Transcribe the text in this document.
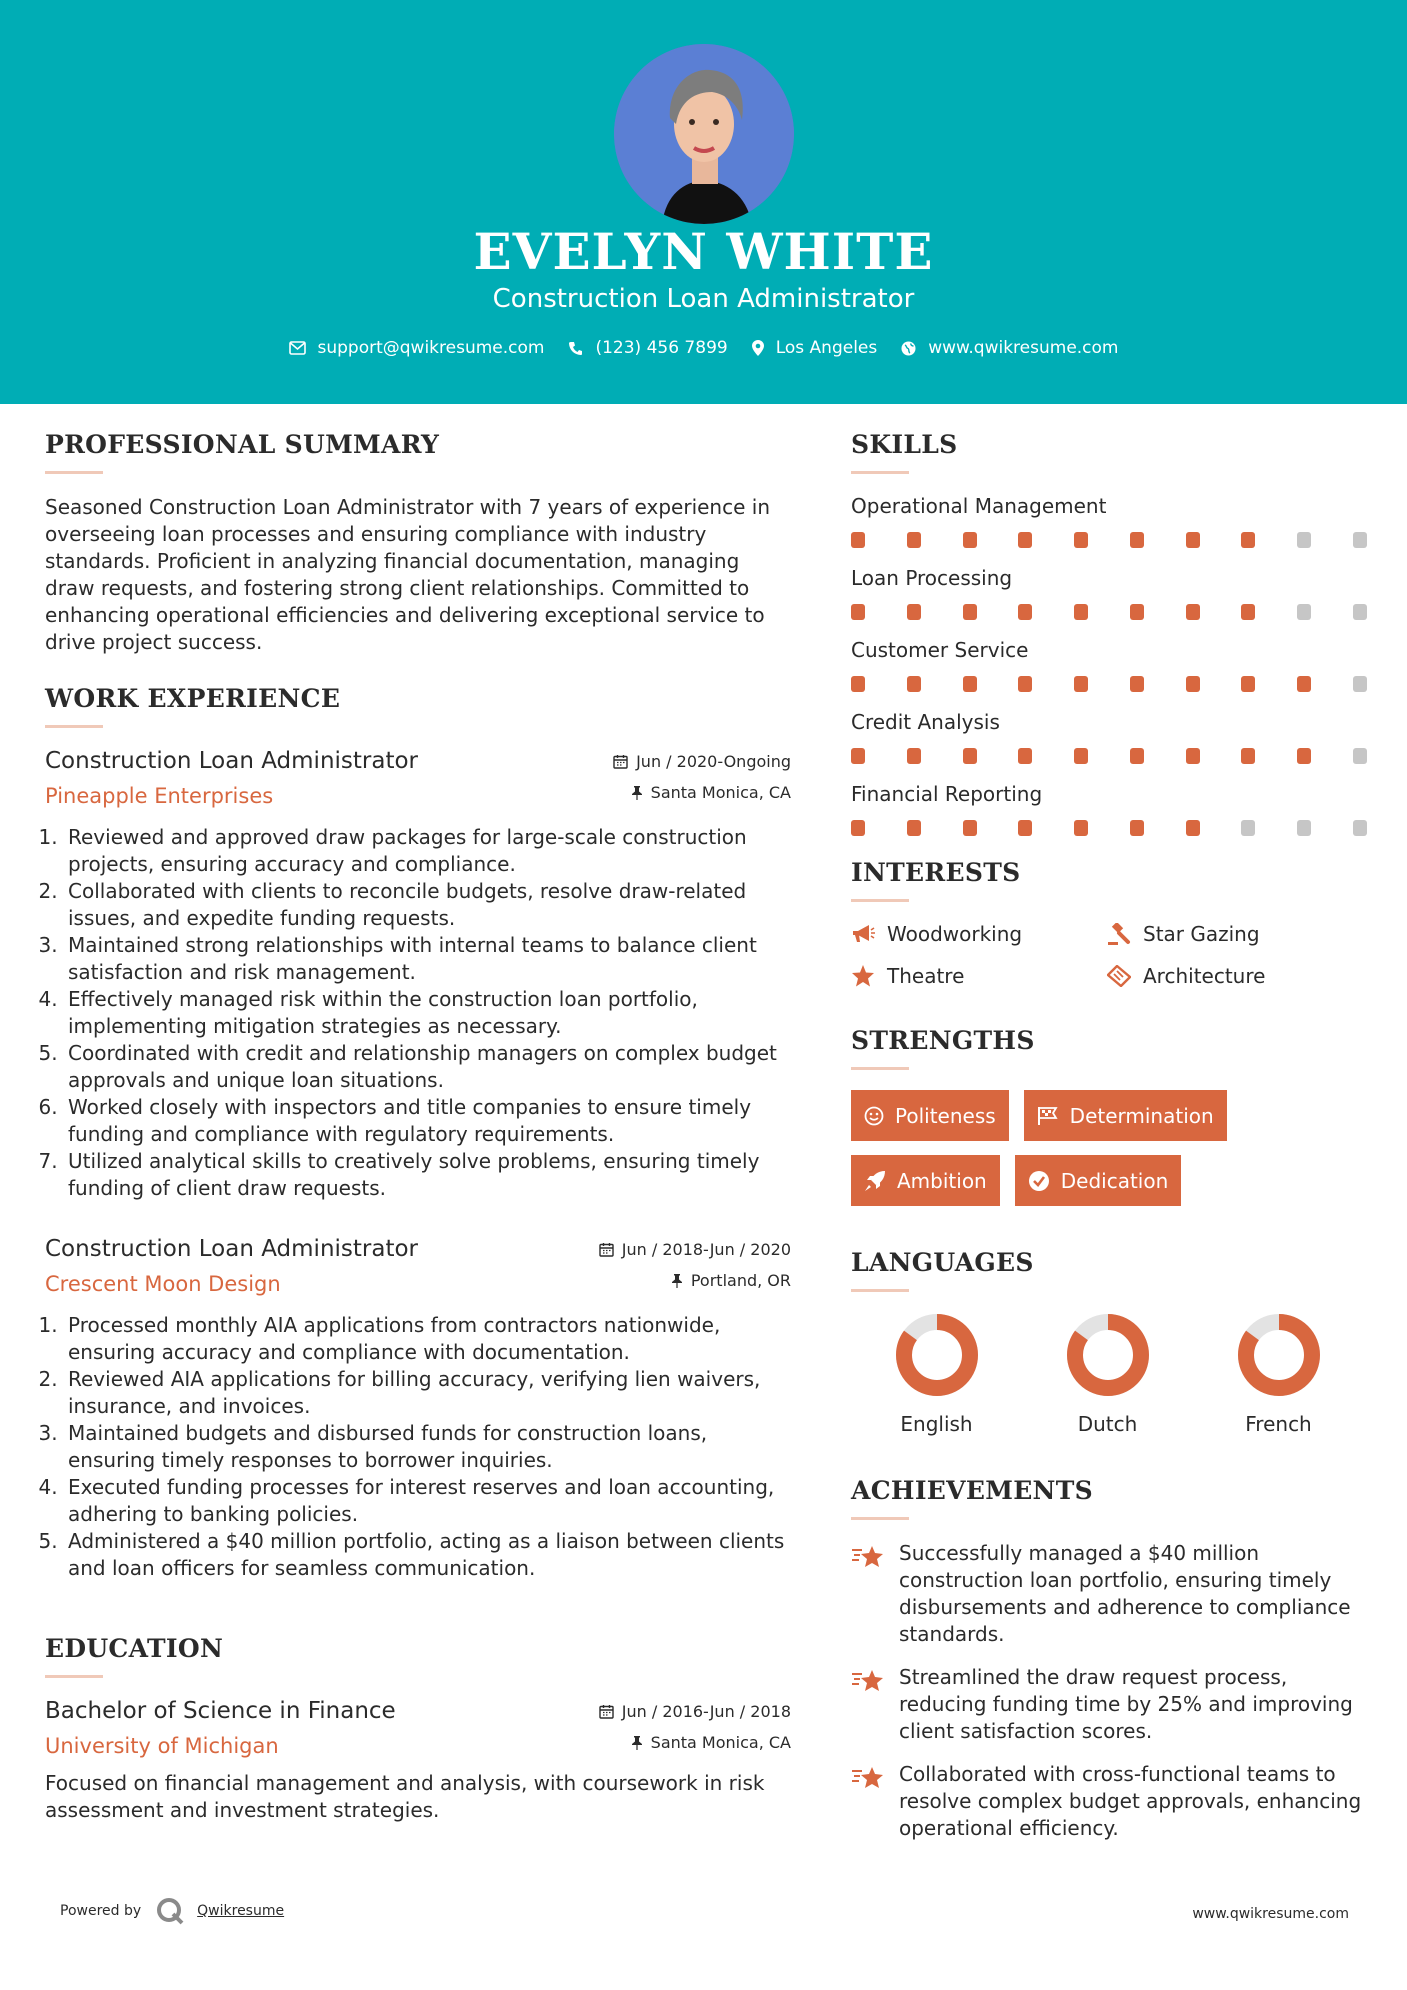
EVELYN WHITE
Construction Loan Administrator
support@qwikresume.com	(123) 456 7899	Los Angeles	www.qwikresume.com
PROFESSIONAL SUMMARY
Seasoned Construction Loan Administrator with 7 years of experience in overseeing loan processes and ensuring compliance with industry standards. Proficient in analyzing financial documentation, managing draw requests, and fostering strong client relationships. Committed to enhancing operational efficiencies and delivering exceptional service to drive project success.
WORK EXPERIENCE
Construction Loan Administrator
Pineapple Enterprises
Jun / 2020-Ongoing
Santa Monica, CA
1. Reviewed and approved draw packages for large-scale construction projects, ensuring accuracy and compliance.
2. Collaborated with clients to reconcile budgets, resolve draw-related issues, and expedite funding requests.
3. Maintained strong relationships with internal teams to balance client satisfaction and risk management.
4. Effectively managed risk within the construction loan portfolio, implementing mitigation strategies as necessary.
5. Coordinated with credit and relationship managers on complex budget approvals and unique loan situations.
6. Worked closely with inspectors and title companies to ensure timely funding and compliance with regulatory requirements.
7. Utilized analytical skills to creatively solve problems, ensuring timely funding of client draw requests.
Construction Loan Administrator
Crescent Moon Design
Jun / 2018-Jun / 2020
Portland, OR
1. Processed monthly AIA applications from contractors nationwide, ensuring accuracy and compliance with documentation.
2. Reviewed AIA applications for billing accuracy, verifying lien waivers, insurance, and invoices.
3. Maintained budgets and disbursed funds for construction loans, ensuring timely responses to borrower inquiries.
4. Executed funding processes for interest reserves and loan accounting, adhering to banking policies.
5. Administered a $40 million portfolio, acting as a liaison between clients and loan officers for seamless communication.
EDUCATION
Bachelor of Science in Finance
University of Michigan
Jun / 2016-Jun / 2018
Santa Monica, CA
Focused on financial management and analysis, with coursework in risk assessment and investment strategies.
SKILLS
Operational Management
Loan Processing
Customer Service
Credit Analysis
Financial Reporting
INTERESTS
Woodworking	Star Gazing
Theatre	Architecture
STRENGTHS
Politeness	Determination
Ambition	Dedication
LANGUAGES
English	Dutch	French
ACHIEVEMENTS
Successfully managed a $40 million construction loan portfolio, ensuring timely disbursements and adherence to compliance standards.
Streamlined the draw request process, reducing funding time by 25% and improving client satisfaction scores.
Collaborated with cross-functional teams to resolve complex budget approvals, enhancing operational efficiency.
Powered by	Qwikresume	www.qwikresume.com
